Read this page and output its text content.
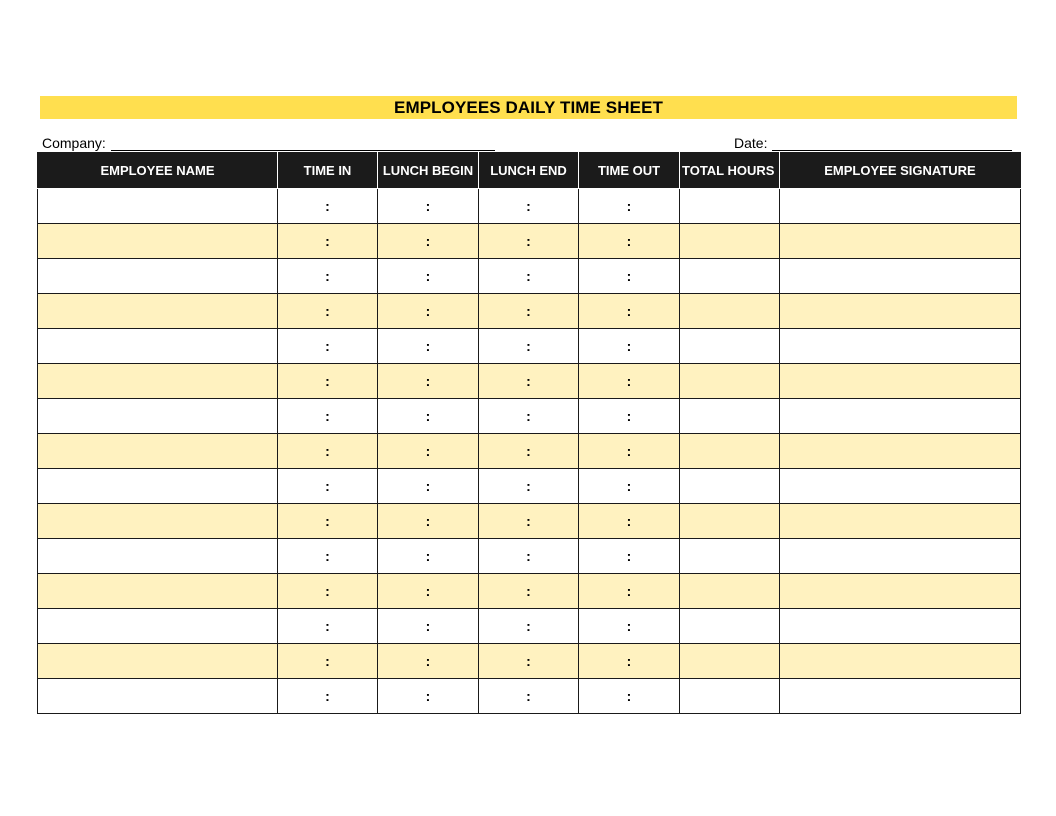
EMPLOYEES DAILY TIME SHEET
Company:	Date:
EMPLOYEE NAME	TIME IN	LUNCH BEGIN	LUNCH END	TIME OUT	TOTAL HOURS	EMPLOYEE SIGNATURE
	:	:	:	:		
	:	:	:	:		
	:	:	:	:		
	:	:	:	:		
	:	:	:	:		
	:	:	:	:		
	:	:	:	:		
	:	:	:	:		
	:	:	:	:		
	:	:	:	:		
	:	:	:	:		
	:	:	:	:		
	:	:	:	:		
	:	:	:	:		
	:	:	:	:		
